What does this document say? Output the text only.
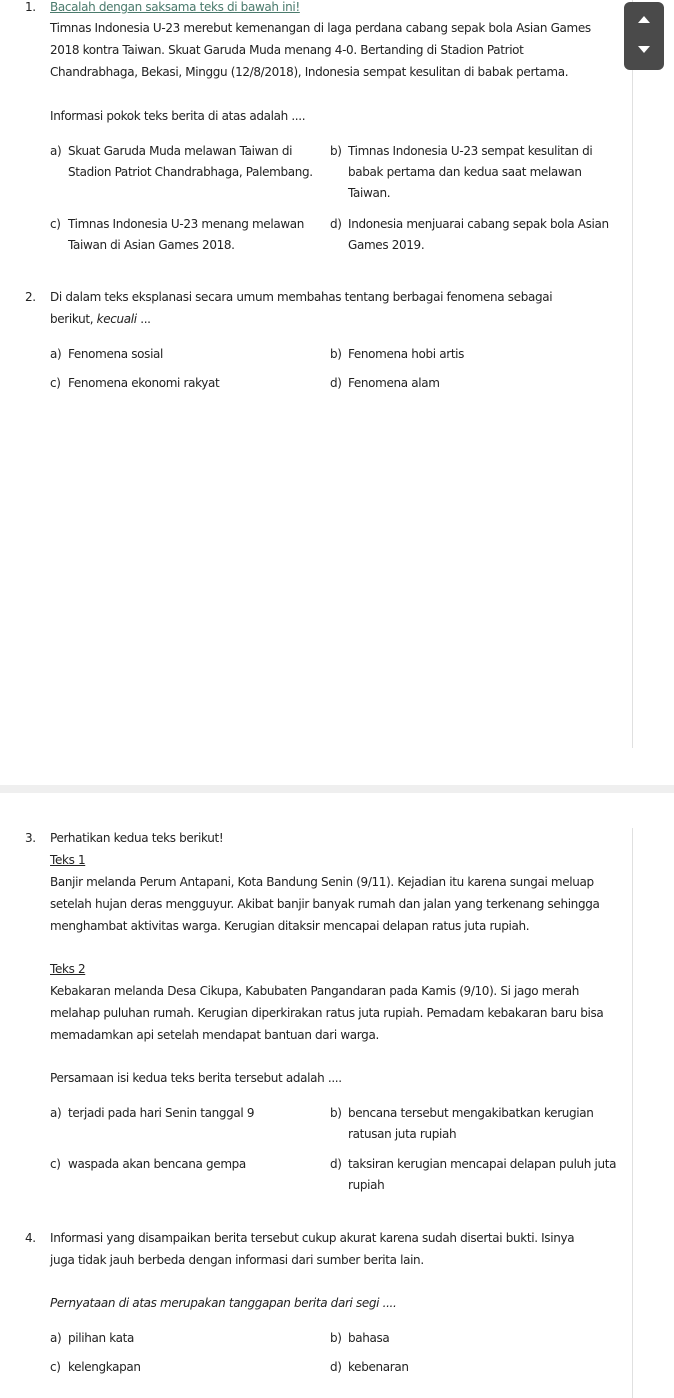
1. Bacalah dengan saksama teks di bawah ini!

Timnas Indonesia U-23 merebut kemenangan di laga perdana cabang sepak bola Asian Games 2018 kontra Taiwan. Skuat Garuda Muda menang 4-0. Bertanding di Stadion Patriot Chandrabhaga, Bekasi, Minggu (12/8/2018), Indonesia sempat kesulitan di babak pertama.

Informasi pokok teks berita di atas adalah ....

a) Skuat Garuda Muda melawan Taiwan di Stadion Patriot Chandrabhaga, Palembang.
b) Timnas Indonesia U-23 sempat kesulitan di babak pertama dan kedua saat melawan Taiwan.
c) Timnas Indonesia U-23 menang melawan Taiwan di Asian Games 2018.
d) Indonesia menjuarai cabang sepak bola Asian Games 2019.

2. Di dalam teks eksplanasi secara umum membahas tentang berbagai fenomena sebagai berikut, kecuali ...

a) Fenomena sosial	b) Fenomena hobi artis
c) Fenomena ekonomi rakyat	d) Fenomena alam

3. Perhatikan kedua teks berikut!

Teks 1

Banjir melanda Perum Antapani, Kota Bandung Senin (9/11). Kejadian itu karena sungai meluap setelah hujan deras mengguyur. Akibat banjir banyak rumah dan jalan yang terkenang sehingga menghambat aktivitas warga. Kerugian ditaksir mencapai delapan ratus juta rupiah.

Teks 2

Kebakaran melanda Desa Cikupa, Kabubaten Pangandaran pada Kamis (9/10). Si jago merah melahap puluhan rumah. Kerugian diperkirakan ratus juta rupiah. Pemadam kebakaran baru bisa memadamkan api setelah mendapat bantuan dari warga.

Persamaan isi kedua teks berita tersebut adalah ....

a) terjadi pada hari Senin tanggal 9	b) bencana tersebut mengakibatkan kerugian ratusan juta rupiah
c) waspada akan bencana gempa	d) taksiran kerugian mencapai delapan puluh juta rupiah

4. Informasi yang disampaikan berita tersebut cukup akurat karena sudah disertai bukti. Isinya juga tidak jauh berbeda dengan informasi dari sumber berita lain.

Pernyataan di atas merupakan tanggapan berita dari segi ....

a) pilihan kata	b) bahasa
c) kelengkapan	d) kebenaran
